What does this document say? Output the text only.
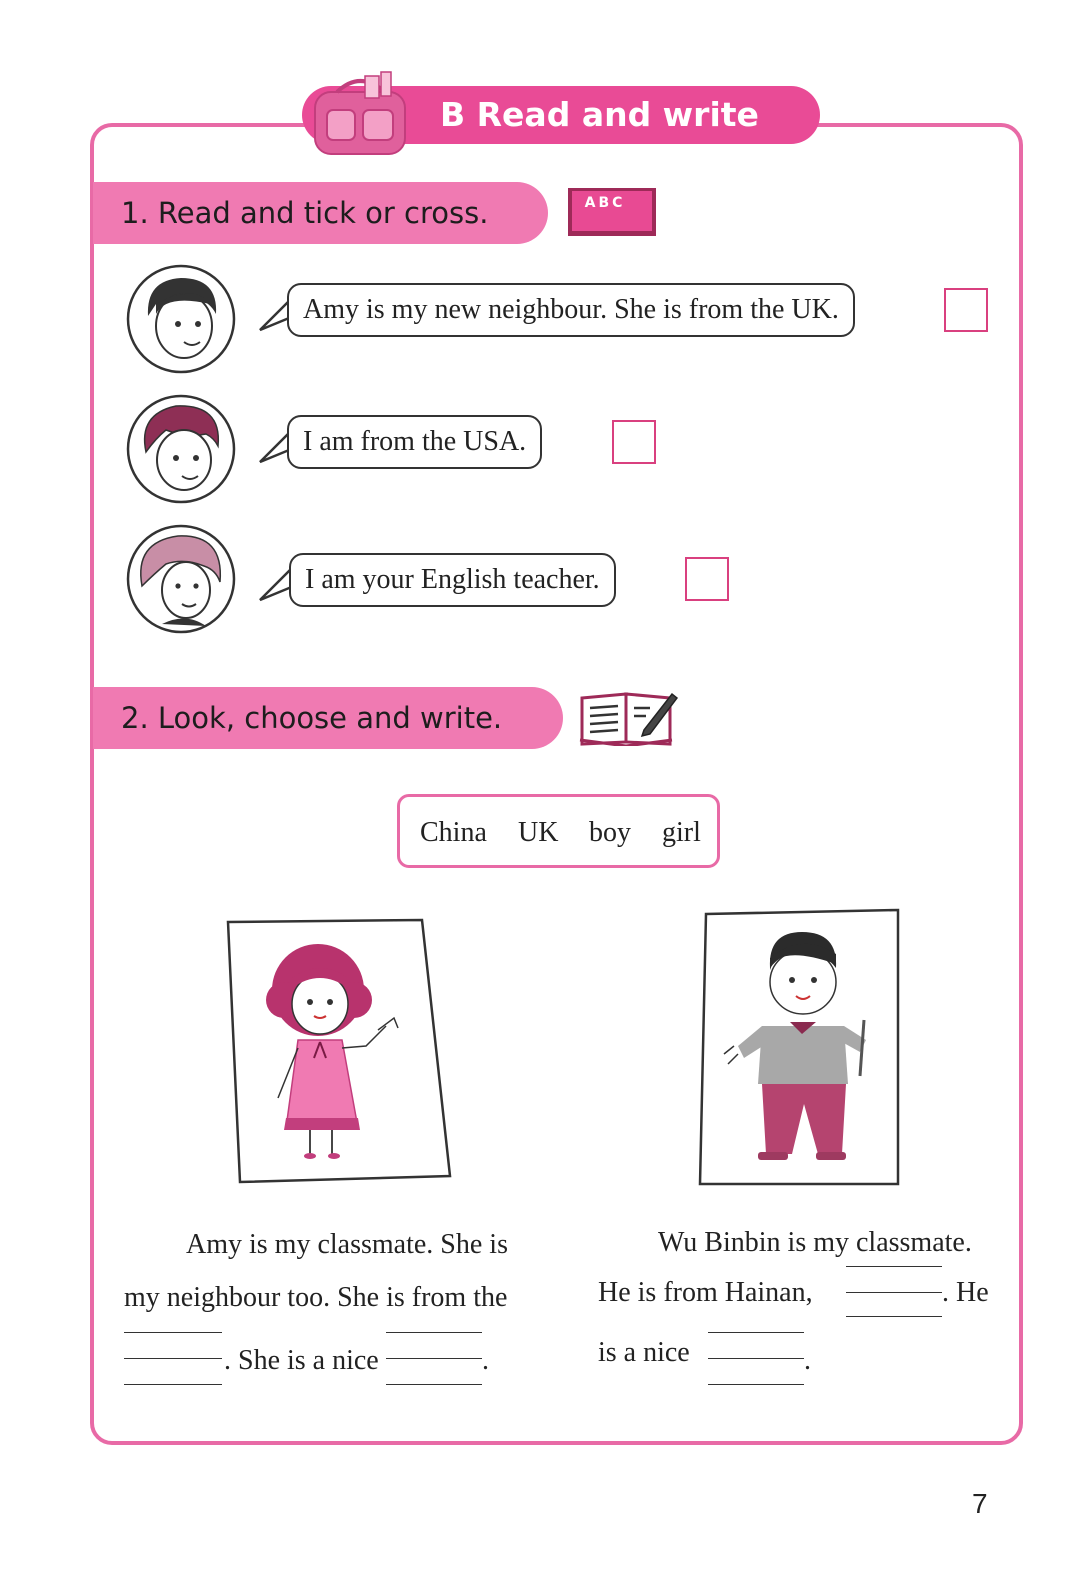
B Read and write
1. Read and tick or cross.	ABC
Amy is my new neighbour. She is from the UK.
I am from the USA.
I am your English teacher.
2. Look, choose and write.
China UK boy girl
Amy is my classmate. She is
my neighbour too. She is from the
. She is a nice	.
Wu Binbin is my classmate.
He is from Hainan,	. He
is a nice	.
7
